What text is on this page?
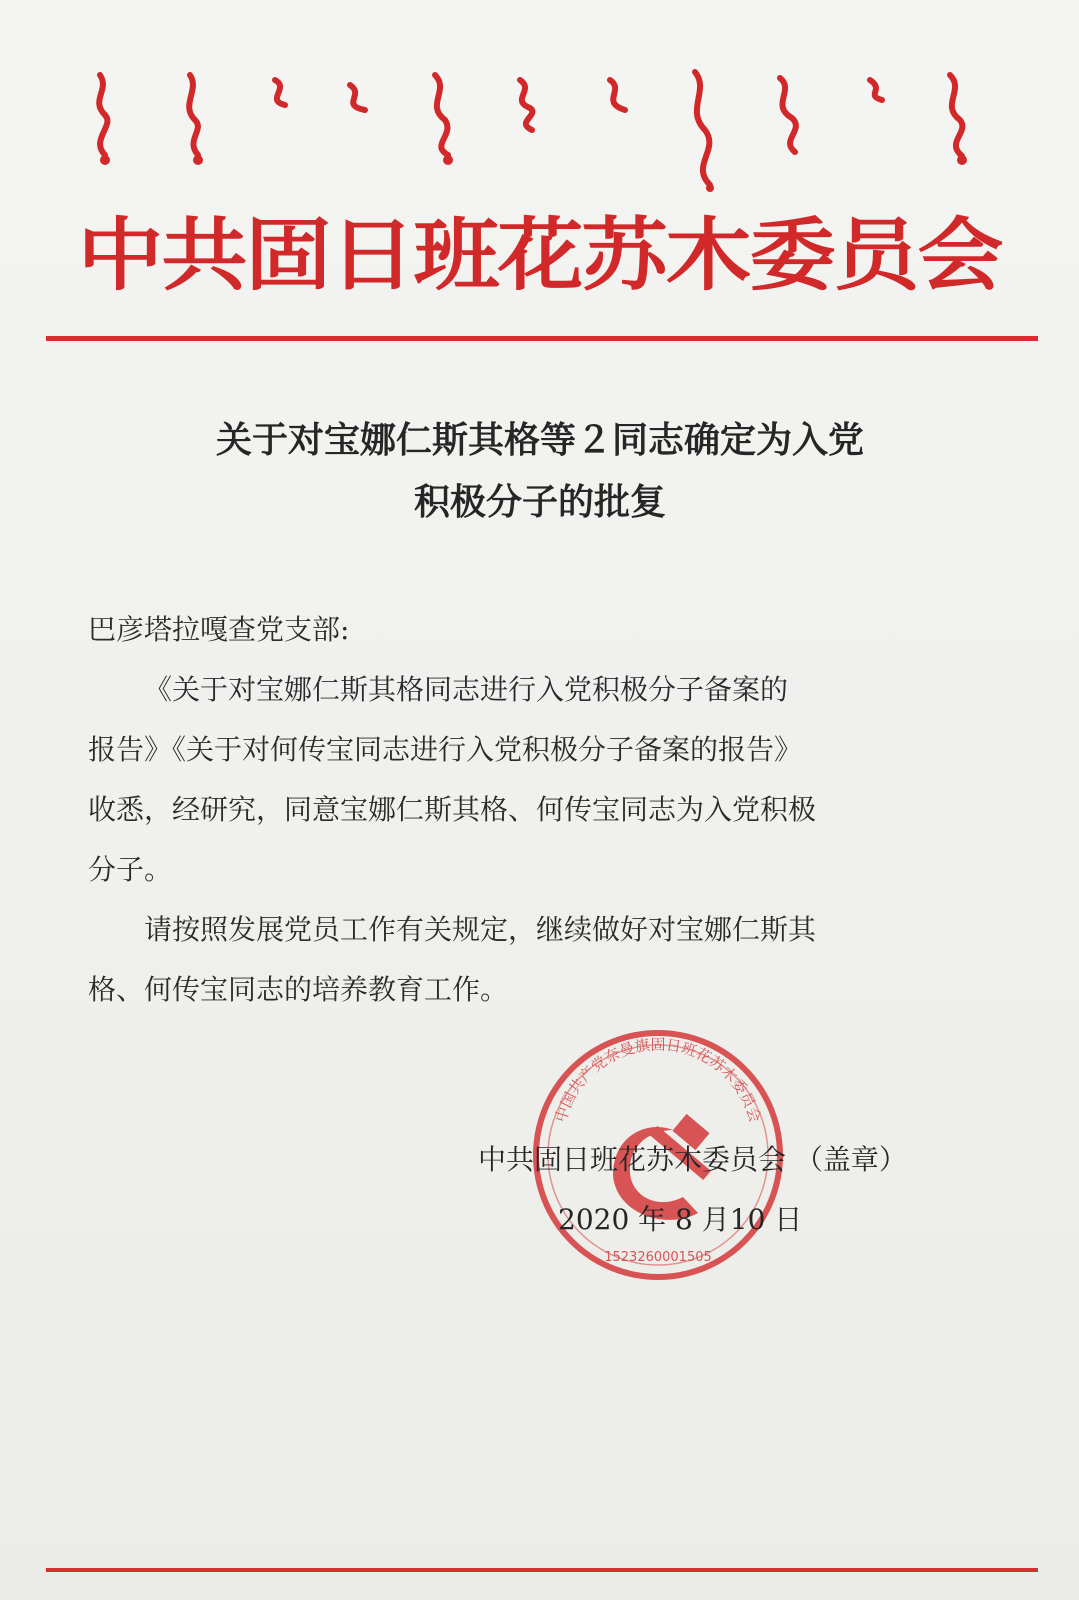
中共固日班花苏木委员会
关于对宝娜仁斯其格等２同志确定为入党
积极分子的批复

巴彦塔拉嘎查党支部:

《关于对宝娜仁斯其格同志进行入党积极分子备案的

报告》《关于对何传宝同志进行入党积极分子备案的报告》

收悉，经研究，同意宝娜仁斯其格、何传宝同志为入党积极

分子。

请按照发展党员工作有关规定，继续做好对宝娜仁斯其

格、何传宝同志的培养教育工作。

中国共产党奈曼旗固日班花苏木委员会
1523260001505
中共固日班花苏木委员会 （盖章）
2020 年 8 月10 日
